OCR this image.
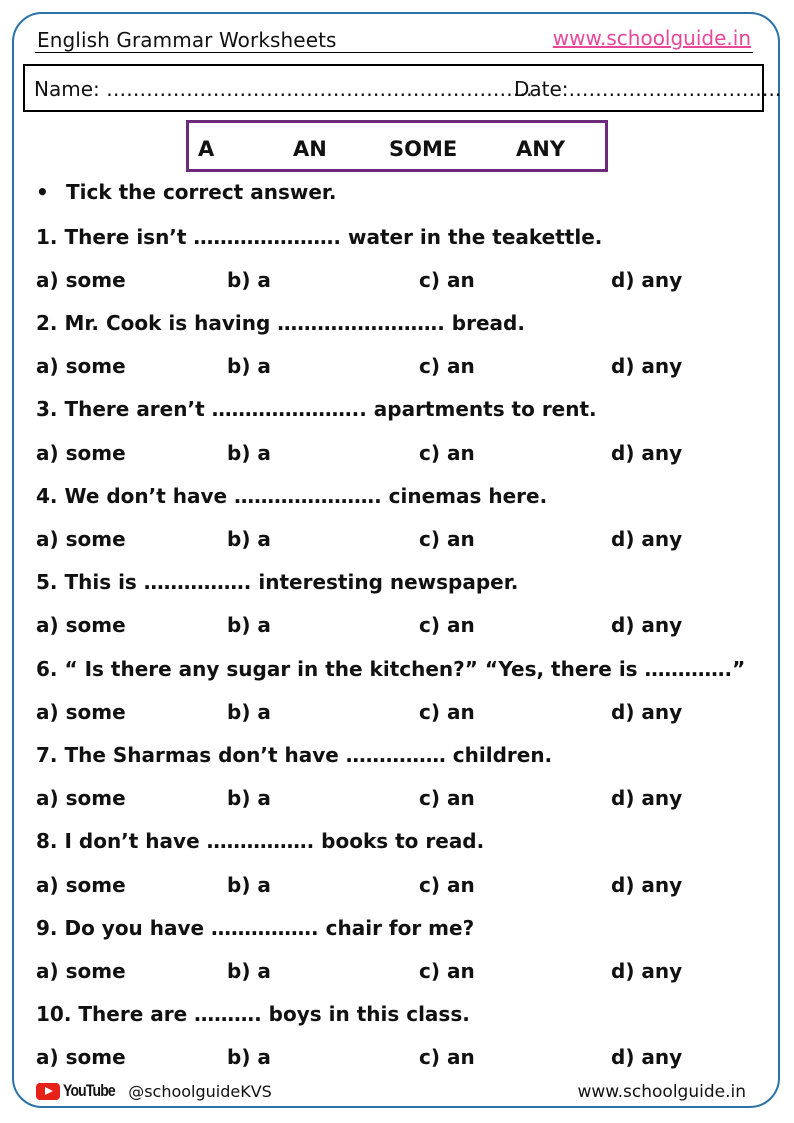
English Grammar Worksheets	www.schoolguide.in
Name: ……………………………………………………….
Date:…………………………..
A	AN	SOME	ANY
• Tick the correct answer.
1. There isn’t …………………. water in the teakettle.
a) some	b) a	c) an	d) any
2. Mr. Cook is having ……………………. bread.
a) some	b) a	c) an	d) any
3. There aren’t ………………….. apartments to rent.
a) some	b) a	c) an	d) any
4. We don’t have …………………. cinemas here.
a) some	b) a	c) an	d) any
5. This is ……………. interesting newspaper.
a) some	b) a	c) an	d) any
6. “ Is there any sugar in the kitchen?” “Yes, there is ………….”
a) some	b) a	c) an	d) any
7. The Sharmas don’t have …………… children.
a) some	b) a	c) an	d) any
8. I don’t have ……………. books to read.
a) some	b) a	c) an	d) any
9. Do you have ……………. chair for me?
a) some	b) a	c) an	d) any
10. There are ………. boys in this class.
a) some	b) a	c) an	d) any
YouTube @schoolguideKVS	www.schoolguide.in
